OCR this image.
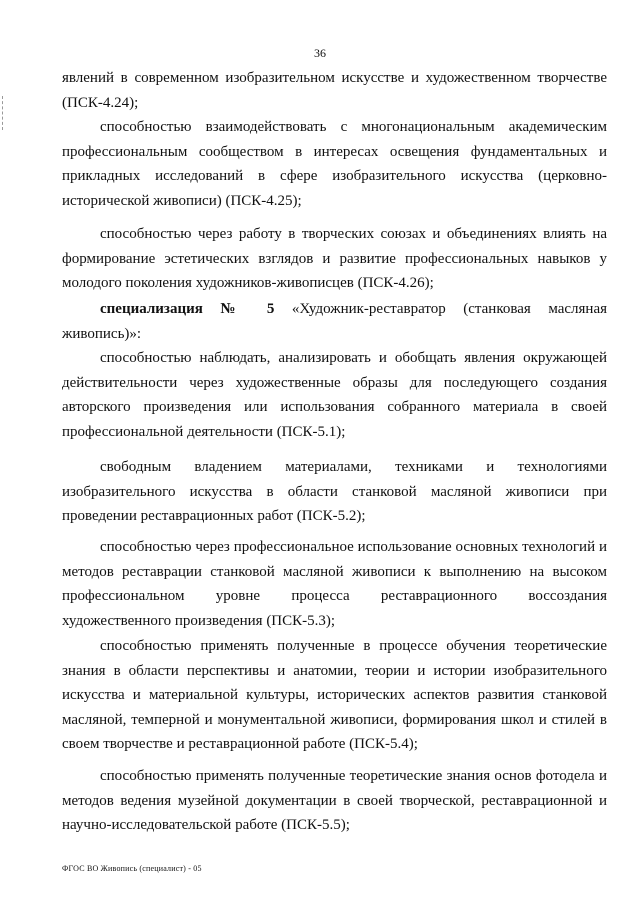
36

явлений в современном изобразительном искусстве и художественном творчестве (ПСК-4.24);

способностью взаимодействовать с многонациональным академическим профессиональным сообществом в интересах освещения фундаментальных и прикладных исследований в сфере изобразительного искусства (церковно-исторической живописи) (ПСК-4.25);

способностью через работу в творческих союзах и объединениях влиять на формирование эстетических взглядов и развитие профессиональных навыков у молодого поколения художников-живописцев (ПСК-4.26);

специализация № 5 «Художник-реставратор (станковая масляная живопись)»:

способностью наблюдать, анализировать и обобщать явления окружающей действительности через художественные образы для последующего создания авторского произведения или использования собранного материала в своей профессиональной деятельности (ПСК-5.1);

свободным владением материалами, техниками и технологиями изобразительного искусства в области станковой масляной живописи при проведении реставрационных работ (ПСК-5.2);

способностью через профессиональное использование основных технологий и методов реставрации станковой масляной живописи к выполнению на высоком профессиональном уровне процесса реставрационного воссоздания художественного произведения (ПСК-5.3);

способностью применять полученные в процессе обучения теоретические знания в области перспективы и анатомии, теории и истории изобразительного искусства и материальной культуры, исторических аспектов развития станковой масляной, темперной и монументальной живописи, формирования школ и стилей в своем творчестве и реставрационной работе (ПСК-5.4);

способностью применять полученные теоретические знания основ фотодела и методов ведения музейной документации в своей творческой, реставрационной и научно-исследовательской работе (ПСК-5.5);

ФГОС ВО Живопись (специалист) - 05
